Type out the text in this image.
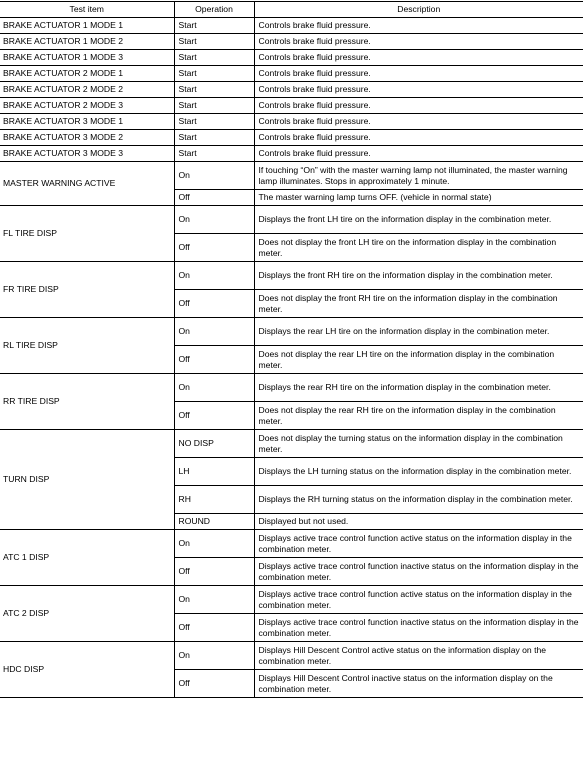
Test item	Operation	Description
BRAKE ACTUATOR 1 MODE 1	Start	Controls brake fluid pressure.
BRAKE ACTUATOR 1 MODE 2	Start	Controls brake fluid pressure.
BRAKE ACTUATOR 1 MODE 3	Start	Controls brake fluid pressure.
BRAKE ACTUATOR 2 MODE 1	Start	Controls brake fluid pressure.
BRAKE ACTUATOR 2 MODE 2	Start	Controls brake fluid pressure.
BRAKE ACTUATOR 2 MODE 3	Start	Controls brake fluid pressure.
BRAKE ACTUATOR 3 MODE 1	Start	Controls brake fluid pressure.
BRAKE ACTUATOR 3 MODE 2	Start	Controls brake fluid pressure.
BRAKE ACTUATOR 3 MODE 3	Start	Controls brake fluid pressure.
MASTER WARNING ACTIVE	On	If touching “On” with the master warning lamp not illuminated, the master warning lamp illuminates. Stops in approximately 1 minute.
	Off	The master warning lamp turns OFF. (vehicle in normal state)
FL TIRE DISP	On	Displays the front LH tire on the information display in the combination meter.
	Off	Does not display the front LH tire on the information display in the combination meter.
FR TIRE DISP	On	Displays the front RH tire on the information display in the combination meter.
	Off	Does not display the front RH tire on the information display in the combination meter.
RL TIRE DISP	On	Displays the rear LH tire on the information display in the combination meter.
	Off	Does not display the rear LH tire on the information display in the combination meter.
RR TIRE DISP	On	Displays the rear RH tire on the information display in the combination meter.
	Off	Does not display the rear RH tire on the information display in the combination meter.
TURN DISP	NO DISP	Does not display the turning status on the information display in the combination meter.
	LH	Displays the LH turning status on the information display in the combination meter.
	RH	Displays the RH turning status on the information display in the combination meter.
	ROUND	Displayed but not used.
ATC 1 DISP	On	Displays active trace control function active status on the information display in the combination meter.
	Off	Displays active trace control function inactive status on the information display in the combination meter.
ATC 2 DISP	On	Displays active trace control function active status on the information display in the combination meter.
	Off	Displays active trace control function inactive status on the information display in the combination meter.
HDC DISP	On	Displays Hill Descent Control active status on the information display on the combination meter.
	Off	Displays Hill Descent Control inactive status on the information display on the combination meter.
